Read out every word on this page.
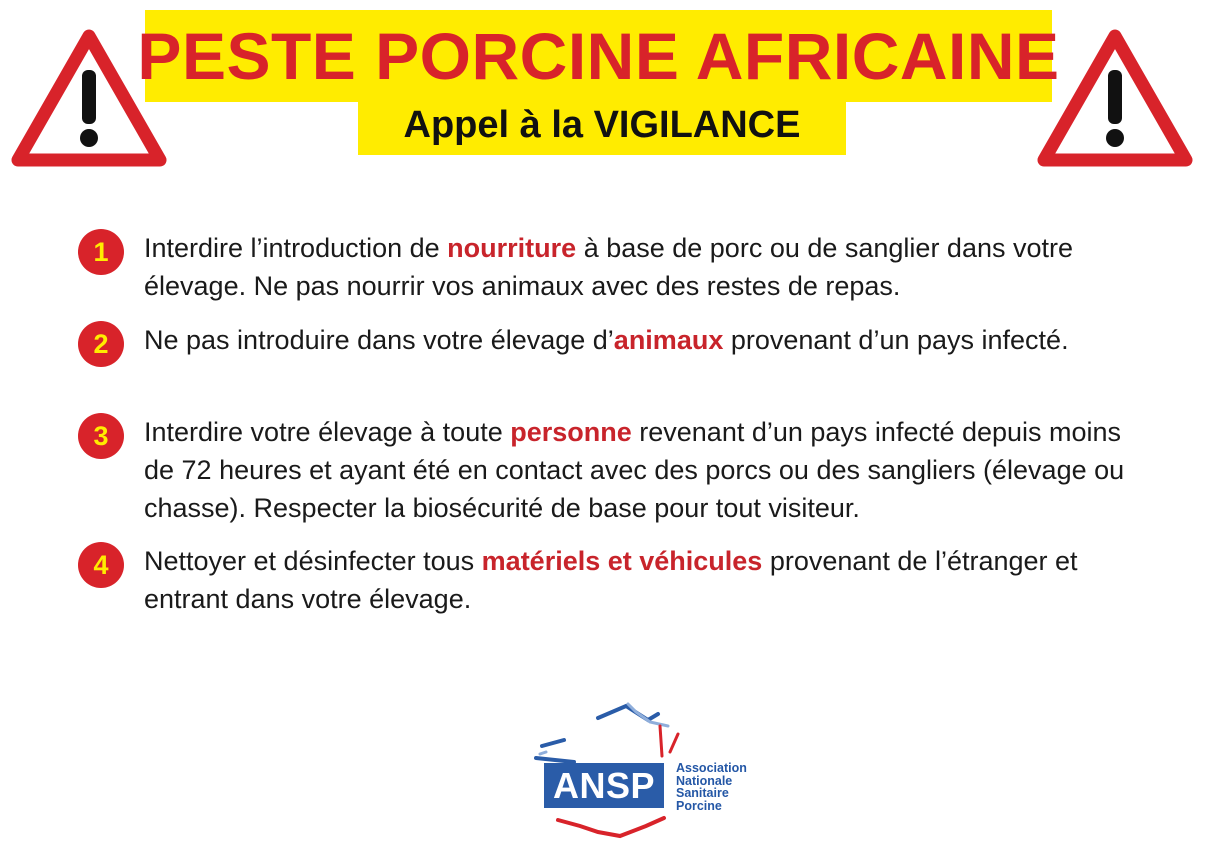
PESTE PORCINE AFRICAINE
Appel à la VIGILANCE
1	Interdire l’introduction de nourriture à base de porc ou de sanglier dans votre élevage. Ne pas nourrir vos animaux avec des restes de repas.

2	Ne pas introduire dans votre élevage d’animaux provenant d’un pays infecté.

3	Interdire votre élevage à toute personne revenant d’un pays infecté depuis moins de 72 heures et ayant été en contact avec des porcs ou des sangliers (élevage ou chasse). Respecter la biosécurité de base pour tout visiteur.

4	Nettoyer et désinfecter tous matériels et véhicules provenant de l’étranger et entrant dans votre élevage.

ANSP	Association
Nationale
Sanitaire
Porcine
